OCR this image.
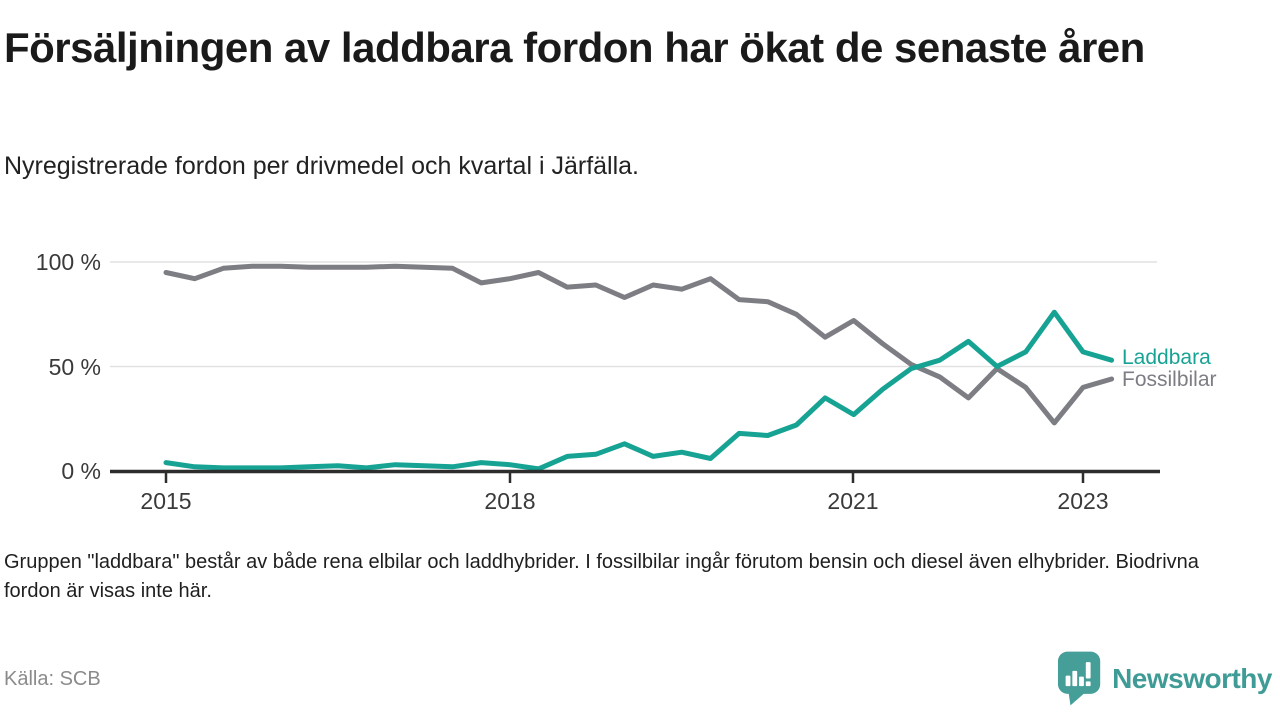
Försäljningen av laddbara fordon har ökat de senaste åren

Nyregistrerade fordon per drivmedel och kvartal i Järfälla.

100 %
50 %
0 %
2015	2018	2021	2023
Laddbara
Fossilbilar

Gruppen "laddbara" består av både rena elbilar och laddhybrider. I fossilbilar ingår förutom bensin och diesel även elhybrider. Biodrivna fordon är visas inte här.

Källa: SCB	Newsworthy
